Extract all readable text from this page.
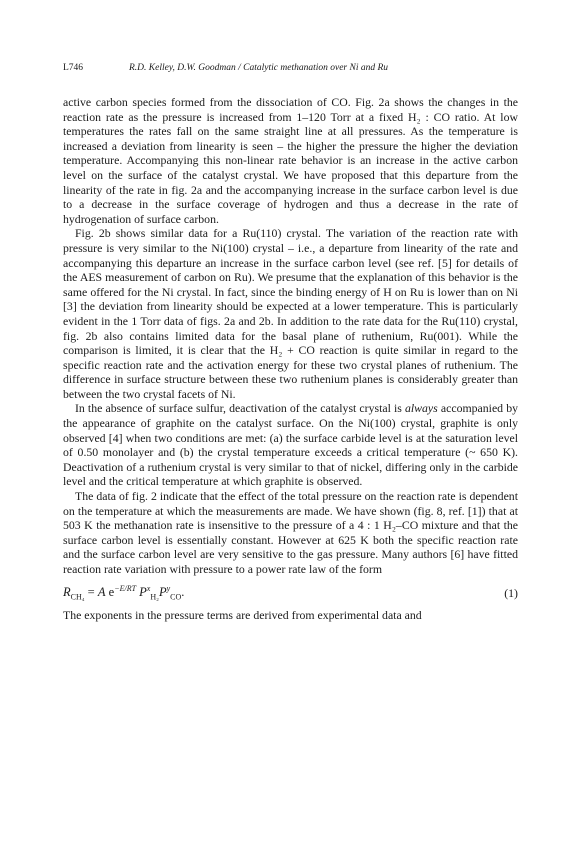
L746	R.D. Kelley, D.W. Goodman / Catalytic methanation over Ni and Ru

active carbon species formed from the dissociation of CO. Fig. 2a shows the changes in the reaction rate as the pressure is increased from 1–120 Torr at a fixed H₂ : CO ratio. At low temperatures the rates fall on the same straight line at all pressures. As the temperature is increased a deviation from linearity is seen – the higher the pressure the higher the deviation temperature. Accompanying this non-linear rate behavior is an increase in the active carbon level on the surface of the catalyst crystal. We have proposed that this departure from the linearity of the rate in fig. 2a and the accompanying increase in the surface carbon level is due to a decrease in the surface coverage of hydrogen and thus a decrease in the rate of hydrogenation of surface carbon.

Fig. 2b shows similar data for a Ru(110) crystal. The variation of the reaction rate with pressure is very similar to the Ni(100) crystal – i.e., a departure from linearity of the rate and accompanying this departure an increase in the surface carbon level (see ref. [5] for details of the AES measurement of carbon on Ru). We presume that the explanation of this behavior is the same offered for the Ni crystal. In fact, since the binding energy of H on Ru is lower than on Ni [3] the deviation from linearity should be expected at a lower temperature. This is particularly evident in the 1 Torr data of figs. 2a and 2b. In addition to the rate data for the Ru(110) crystal, fig. 2b also contains limited data for the basal plane of ruthenium, Ru(001). While the comparison is limited, it is clear that the H₂ + CO reaction is quite similar in regard to the specific reaction rate and the activation energy for these two crystal planes of ruthenium. The difference in surface structure between these two ruthenium planes is considerably greater than between the two crystal facets of Ni.

In the absence of surface sulfur, deactivation of the catalyst crystal is always accompanied by the appearance of graphite on the catalyst surface. On the Ni(100) crystal, graphite is only observed [4] when two conditions are met: (a) the surface carbide level is at the saturation level of 0.50 monolayer and (b) the crystal temperature exceeds a critical temperature (~ 650 K). Deactivation of a ruthenium crystal is very similar to that of nickel, differing only in the carbide level and the critical temperature at which graphite is observed.

The data of fig. 2 indicate that the effect of the total pressure on the reaction rate is dependent on the temperature at which the measurements are made. We have shown (fig. 8, ref. [1]) that at 503 K the methanation rate is insensitive to the pressure of a 4 : 1 H₂–CO mixture and that the surface carbon level is essentially constant. However at 625 K both the specific reaction rate and the surface carbon level are very sensitive to the gas pressure. Many authors [6] have fitted reaction rate variation with pressure to a power rate law of the form

$R_{CH_4} = A$ $e^{-E/RT}$ $P^x_{H_2}P^y_{CO}$.	(1)

The exponents in the pressure terms are derived from experimental data and
